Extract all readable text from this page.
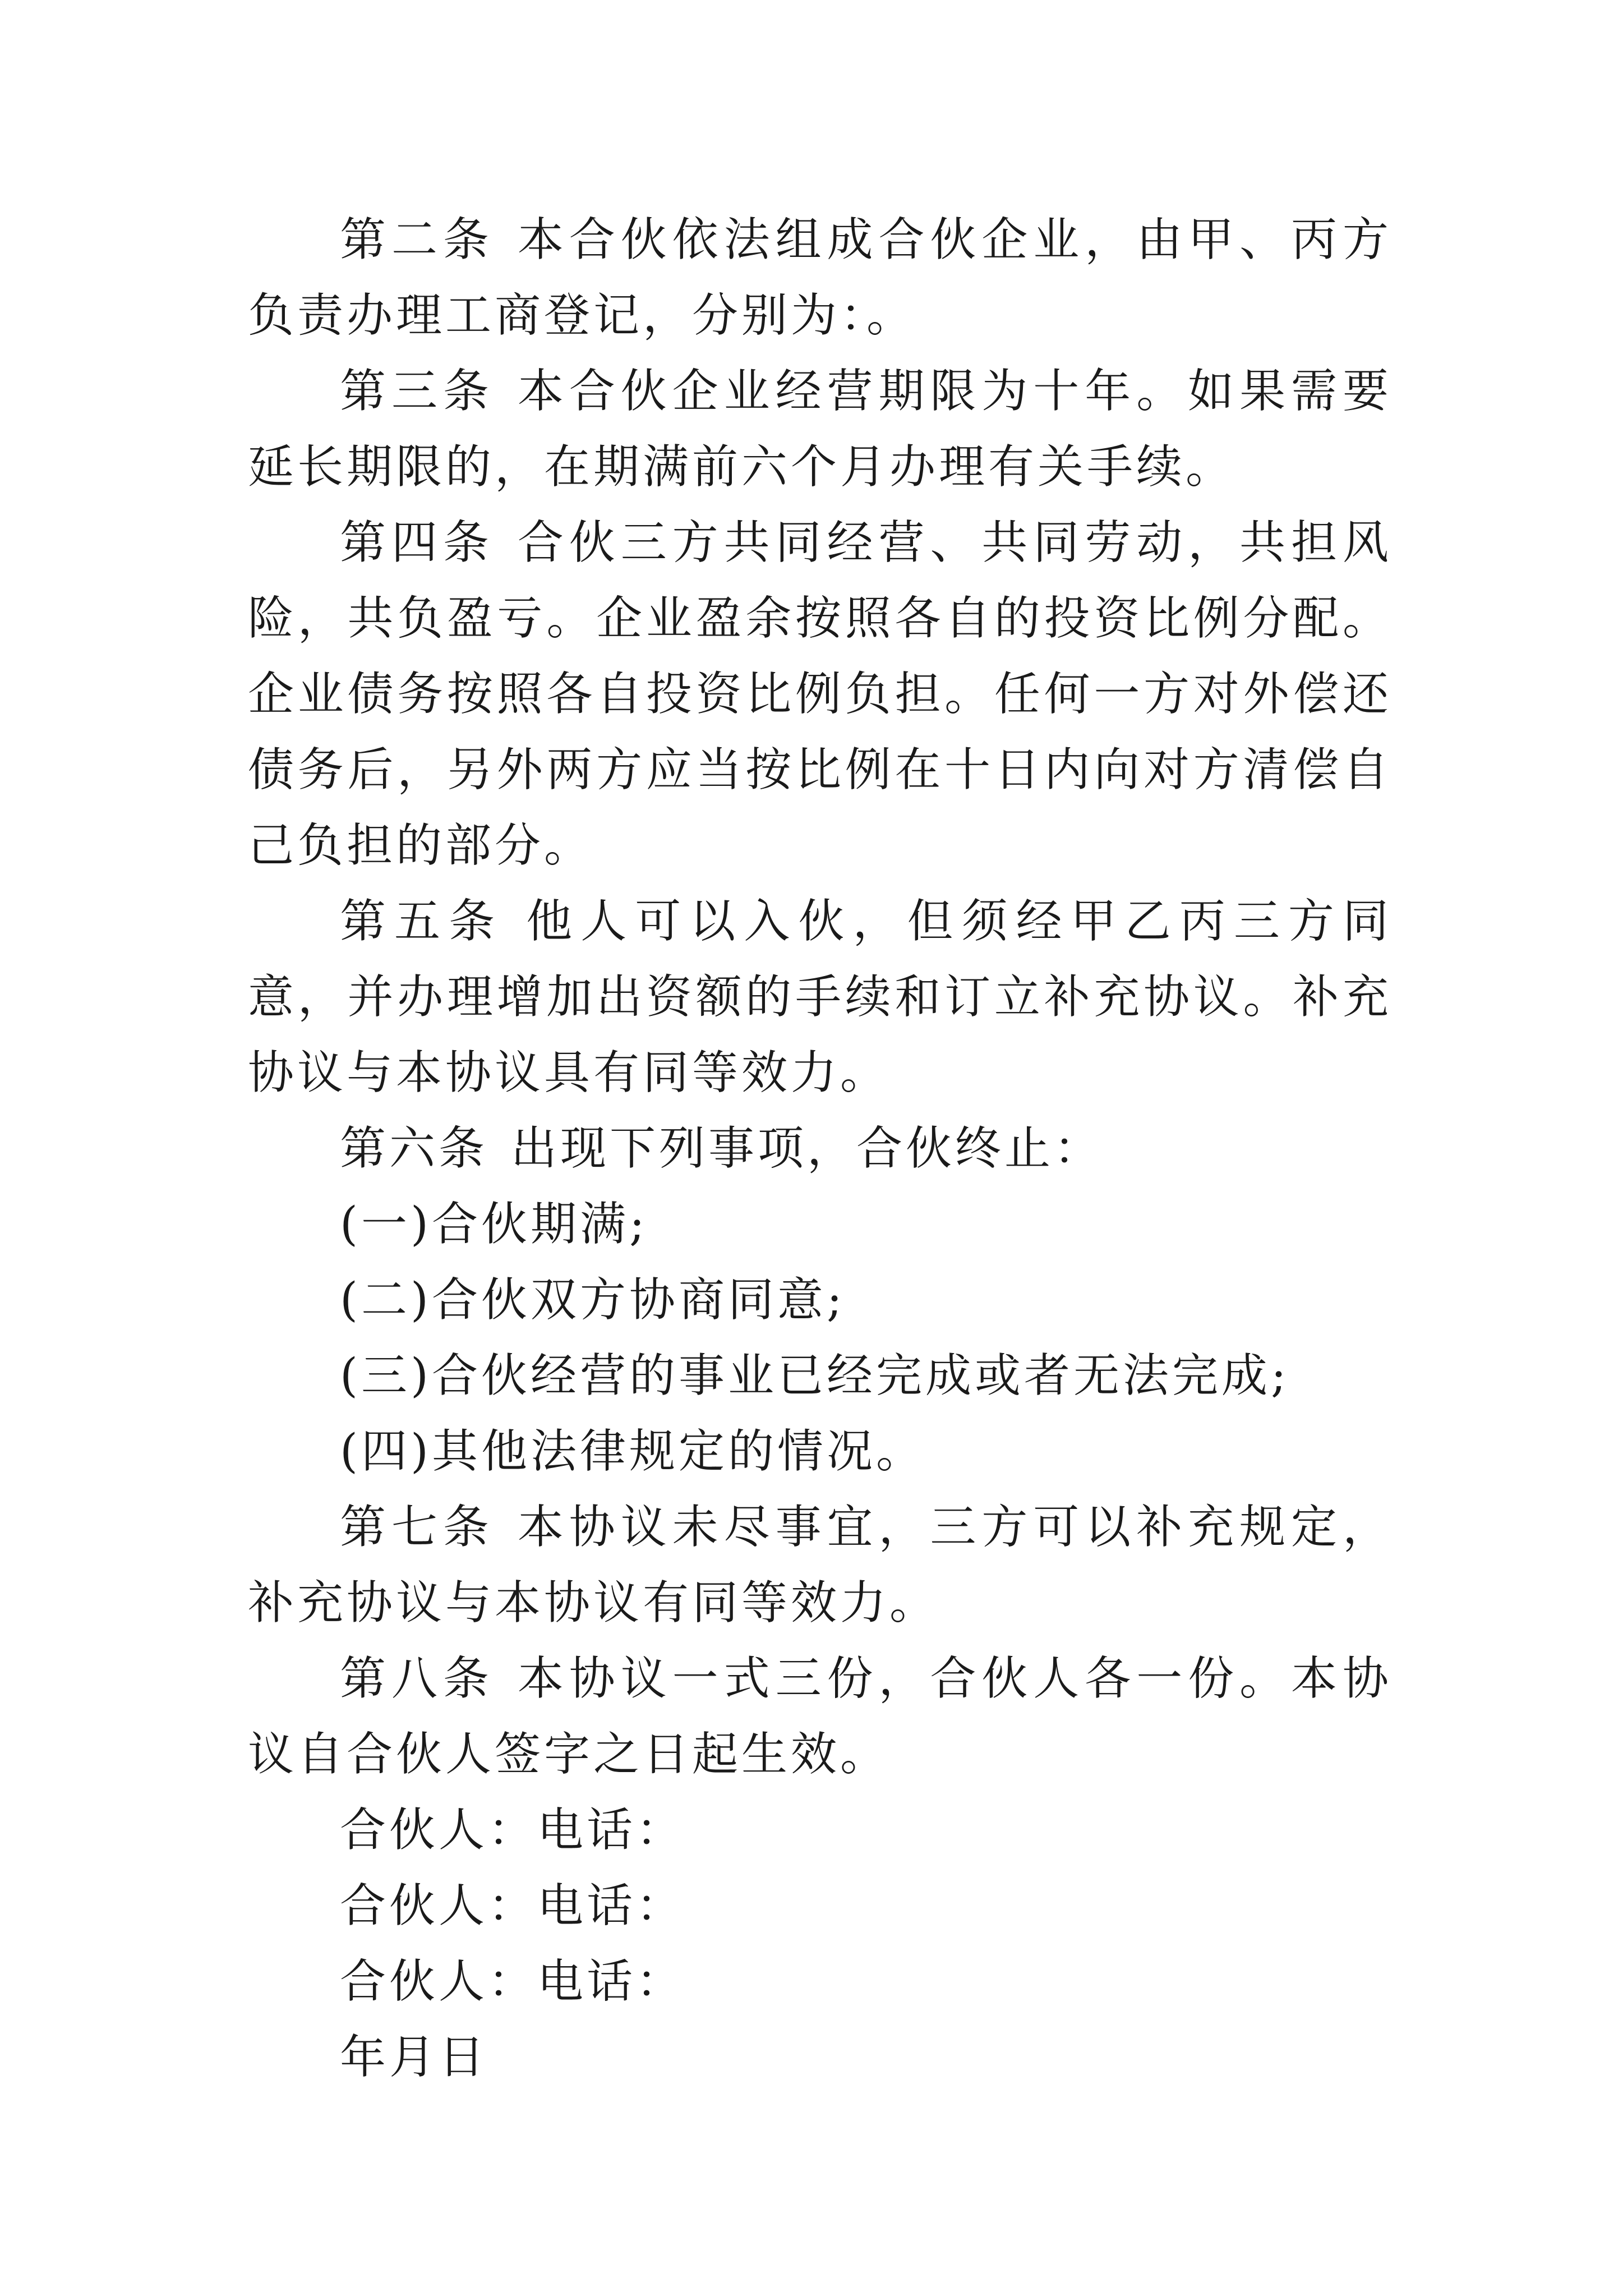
第二条 本合伙依法组成合伙企业，由甲、丙方负责办理工商登记，分别为：。

第三条 本合伙企业经营期限为十年。如果需要延长期限的，在期满前六个月办理有关手续。

第四条 合伙三方共同经营、共同劳动，共担风险，共负盈亏。企业盈余按照各自的投资比例分配。企业债务按照各自投资比例负担。任何一方对外偿还债务后，另外两方应当按比例在十日内向对方清偿自己负担的部分。

第五条 他人可以入伙，但须经甲乙丙三方同意，并办理增加出资额的手续和订立补充协议。补充协议与本协议具有同等效力。

第六条 出现下列事项，合伙终止：

(一)合伙期满;

(二)合伙双方协商同意;

(三)合伙经营的事业已经完成或者无法完成;

(四)其他法律规定的情况。

第七条 本协议未尽事宜，三方可以补充规定，补充协议与本协议有同等效力。

第八条 本协议一式三份，合伙人各一份。本协议自合伙人签字之日起生效。

合伙人：电话：

合伙人：电话：

合伙人：电话：

年月日
